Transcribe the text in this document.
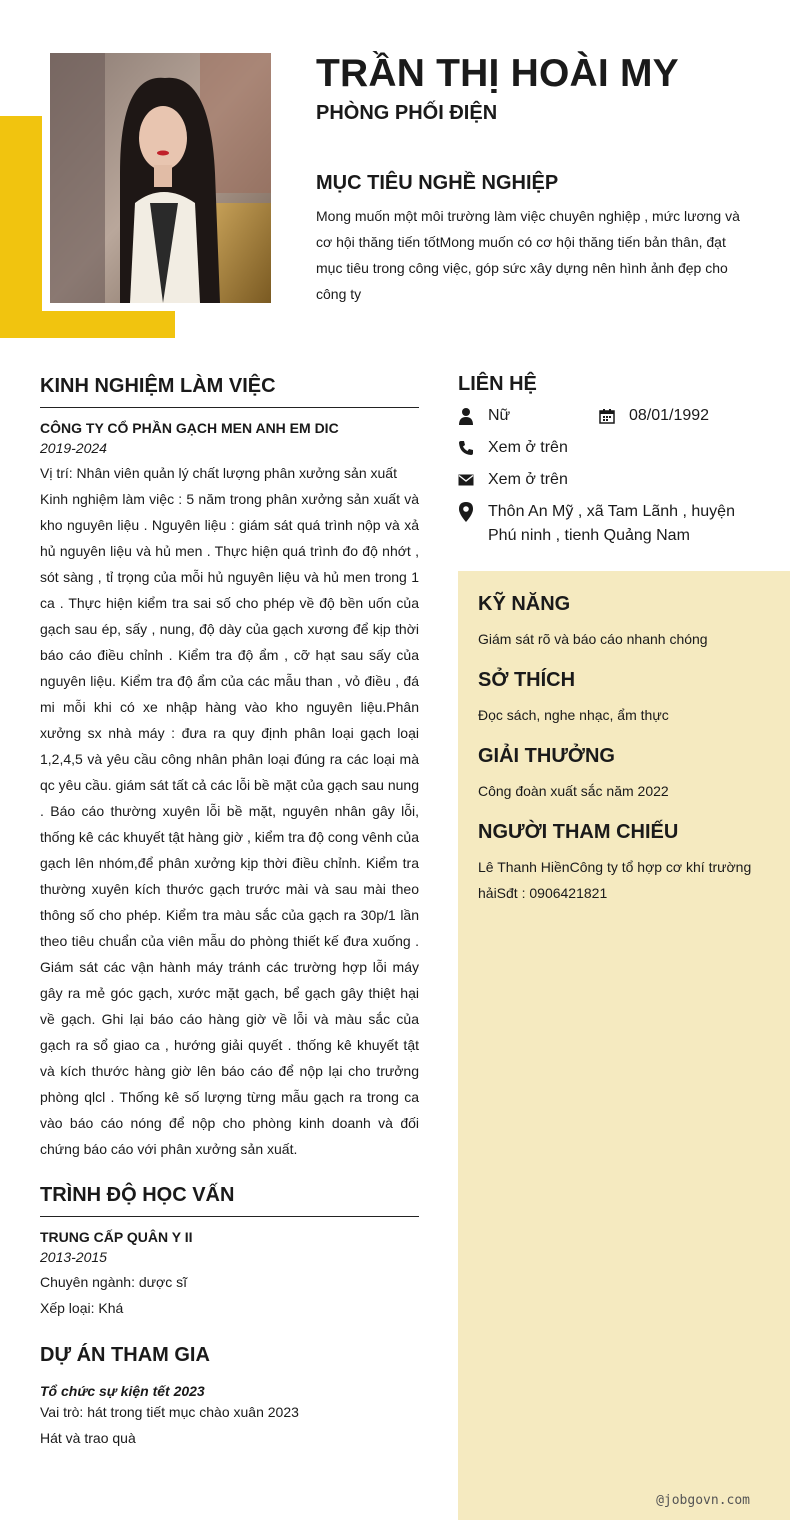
TRẦN THỊ HOÀI MY
PHÒNG PHỐI ĐIỆN
MỤC TIÊU NGHỀ NGHIỆP
Mong muốn một môi trường làm việc chuyên nghiệp , mức lương và cơ hội thăng tiến tốtMong muốn có cơ hội thăng tiến bản thân, đạt mục tiêu trong công việc, góp sức xây dựng nên hình ảnh đẹp cho công ty
KINH NGHIỆM LÀM VIỆC
CÔNG TY CỔ PHẦN GẠCH MEN ANH EM DIC
2019-2024
Vị trí: Nhân viên quản lý chất lượng phân xưởng sản xuất
Kinh nghiệm làm việc : 5 năm trong phân xưởng sản xuất và kho nguyên liệu . Nguyên liệu : giám sát quá trình nộp và xả hủ nguyên liệu và hủ men . Thực hiện quá trình đo độ nhớt , sót sàng , tỉ trọng của mỗi hủ nguyên liệu và hủ men trong 1 ca . Thực hiện kiểm tra sai số cho phép về độ bền uốn của gạch sau ép, sấy , nung, độ dày của gạch xương để kịp thời báo cáo điều chỉnh . Kiểm tra độ ẩm , cỡ hạt sau sấy của nguyên liệu. Kiểm tra độ ẩm của các mẫu than , vỏ điều , đá mi mỗi khi có xe nhập hàng vào kho nguyên liệu.Phân xưởng sx nhà máy : đưa ra quy định phân loại gạch loại 1,2,4,5 và yêu cầu công nhân phân loại đúng ra các loại mà qc yêu cầu. giám sát tất cả các lỗi bề mặt của gạch sau nung . Báo cáo thường xuyên lỗi bề mặt, nguyên nhân gây lỗi, thống kê các khuyết tật hàng giờ , kiểm tra độ cong vênh của gạch lên nhóm,để phân xưởng kịp thời điều chỉnh. Kiểm tra thường xuyên kích thước gạch trước mài và sau mài theo thông số cho phép. Kiểm tra màu sắc của gạch ra 30p/1 lần theo tiêu chuẩn của viên mẫu do phòng thiết kế đưa xuống . Giám sát các vận hành máy tránh các trường hợp lỗi máy gây ra mẻ góc gạch, xước mặt gạch, bể gạch gây thiệt hại về gạch. Ghi lại báo cáo hàng giờ về lỗi và màu sắc của gạch ra sổ giao ca , hướng giải quyết . thống kê khuyết tật và kích thước hàng giờ lên báo cáo để nộp lại cho trưởng phòng qlcl . Thống kê số lượng từng mẫu gạch ra trong ca vào báo cáo nóng để nộp cho phòng kinh doanh và đối chứng báo cáo với phân xưởng sản xuất.
TRÌNH ĐỘ HỌC VẤN
TRUNG CẤP QUÂN Y II
2013-2015
Chuyên ngành: dược sĩ
Xếp loại: Khá
DỰ ÁN THAM GIA
Tổ chức sự kiện tết 2023
Vai trò: hát trong tiết mục chào xuân 2023
Hát và trao quà
LIÊN HỆ
Nữ	08/01/1992
Xem ở trên
Xem ở trên
Thôn An Mỹ , xã Tam Lãnh , huyện Phú ninh , tienh Quảng Nam
KỸ NĂNG
Giám sát rõ và báo cáo nhanh chóng
SỞ THÍCH
Đọc sách, nghe nhạc, ẩm thực
GIẢI THƯỞNG
Công đoàn xuất sắc năm 2022
NGƯỜI THAM CHIẾU
Lê Thanh HiềnCông ty tổ hợp cơ khí trường hảiSđt : 0906421821
@jobgovn.com
